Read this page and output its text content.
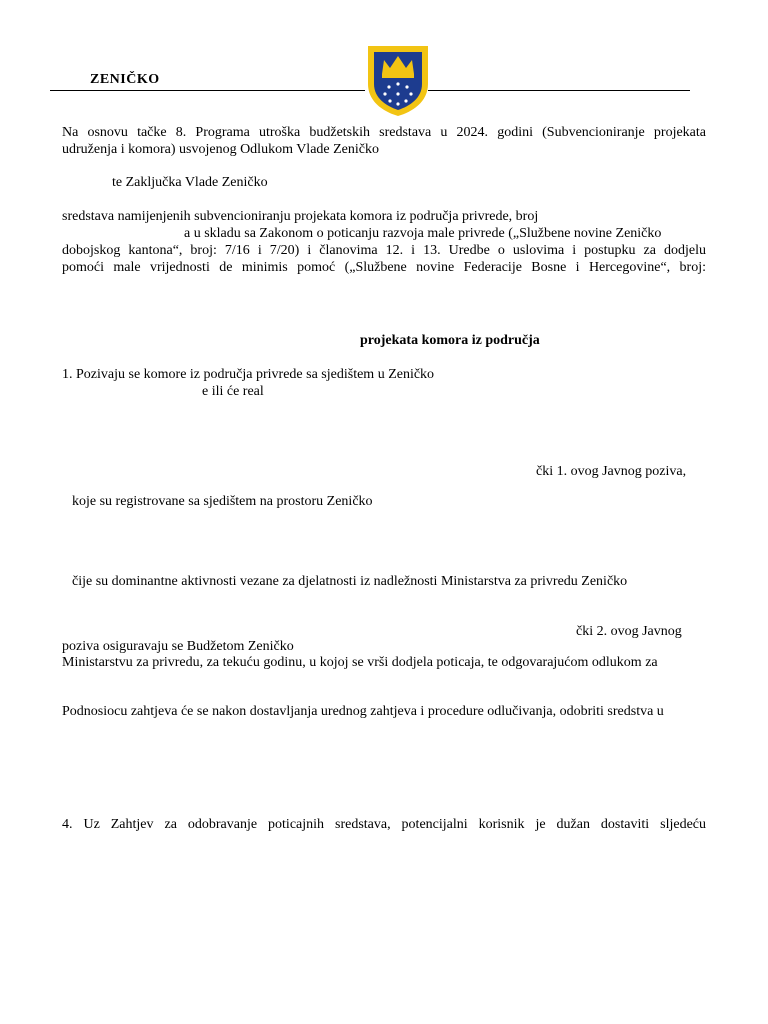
ZENIČKO
Na osnovu tačke 8. Programa utroška budžetskih sredstava u 2024. godini (Subvencioniranje projekata
udruženja i komora) usvojenog Odlukom Vlade Zeničko
te Zaključka Vlade Zeničko
sredstava namijenjenih subvencioniranju projekata komora iz područja privrede, broj
a u skladu sa Zakonom o poticanju razvoja male privrede („Službene novine Zeničko
dobojskog kantona“, broj: 7/16 i 7/20) i članovima 12. i 13. Uredbe o uslovima i postupku za dodjelu
pomoći male vrijednosti de minimis pomoć („Službene novine Federacije Bosne i Hercegovine“, broj:
projekata komora iz područja
1. Pozivaju se komore iz područja privrede sa sjedištem u Zeničko
e ili će real
čki 1. ovog Javnog poziva,
koje su registrovane sa sjedištem na prostoru Zeničko
čije su dominantne aktivnosti vezane za djelatnosti iz nadležnosti Ministarstva za privredu Zeničko
čki 2. ovog Javnog
poziva osiguravaju se Budžetom Zeničko
Ministarstvu za privredu, za tekuću godinu, u kojoj se vrši dodjela poticaja, te odgovarajućom odlukom za
Podnosiocu zahtjeva će se nakon dostavljanja urednog zahtjeva i procedure odlučivanja, odobriti sredstva u
4. Uz Zahtjev za odobravanje poticajnih sredstava, potencijalni korisnik je dužan dostaviti sljedeću
